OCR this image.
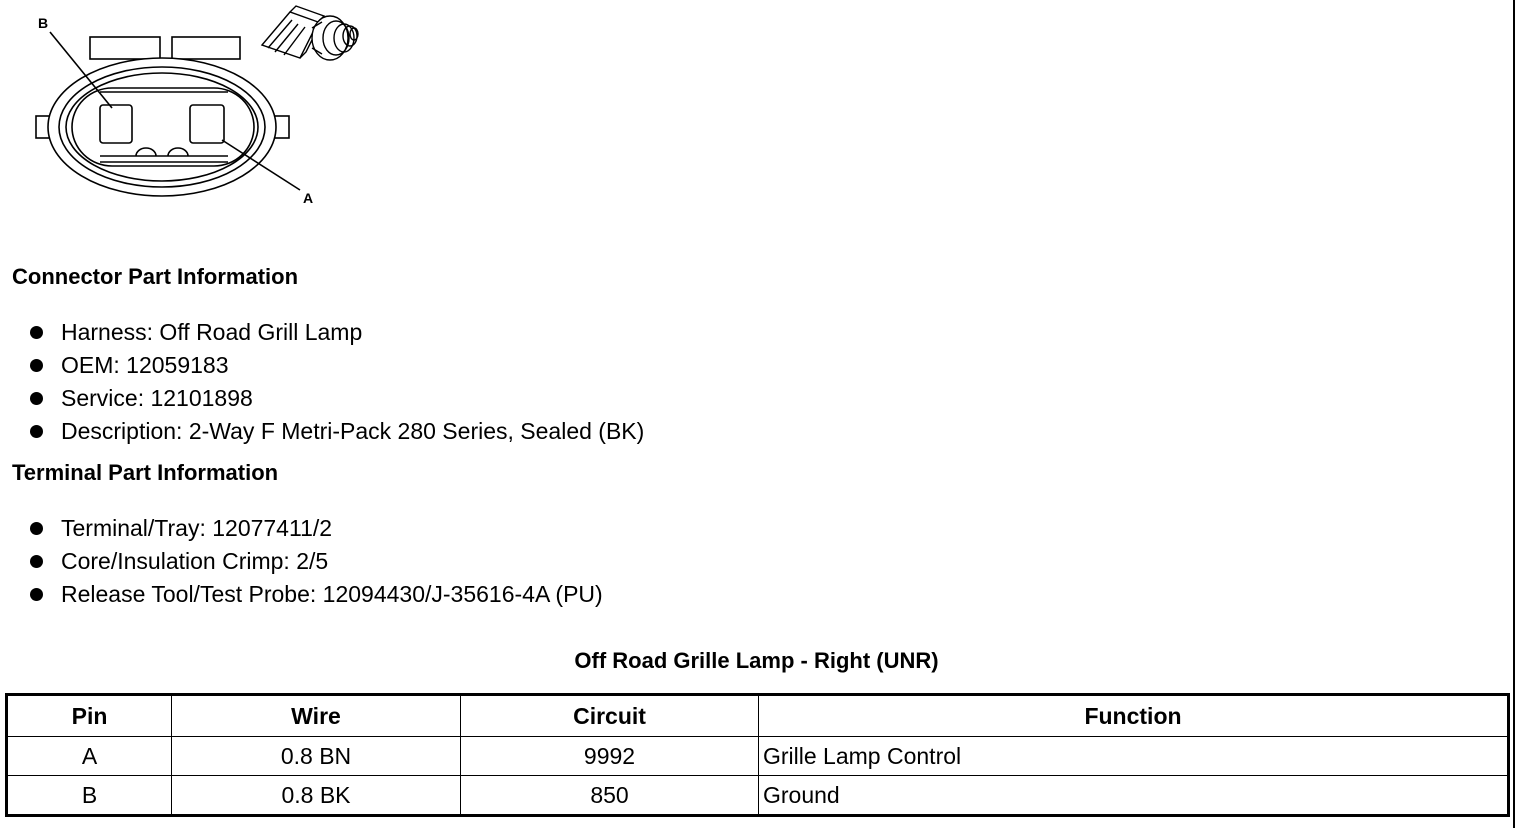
B
A
Connector Part Information
Harness: Off Road Grill Lamp
OEM: 12059183
Service: 12101898
Description: 2-Way F Metri-Pack 280 Series, Sealed (BK)
Terminal Part Information
Terminal/Tray: 12077411/2
Core/Insulation Crimp: 2/5
Release Tool/Test Probe: 12094430/J-35616-4A (PU)
Off Road Grille Lamp - Right (UNR)
Pin	Wire	Circuit	Function
A	0.8 BN	9992	Grille Lamp Control
B	0.8 BK	850	Ground
